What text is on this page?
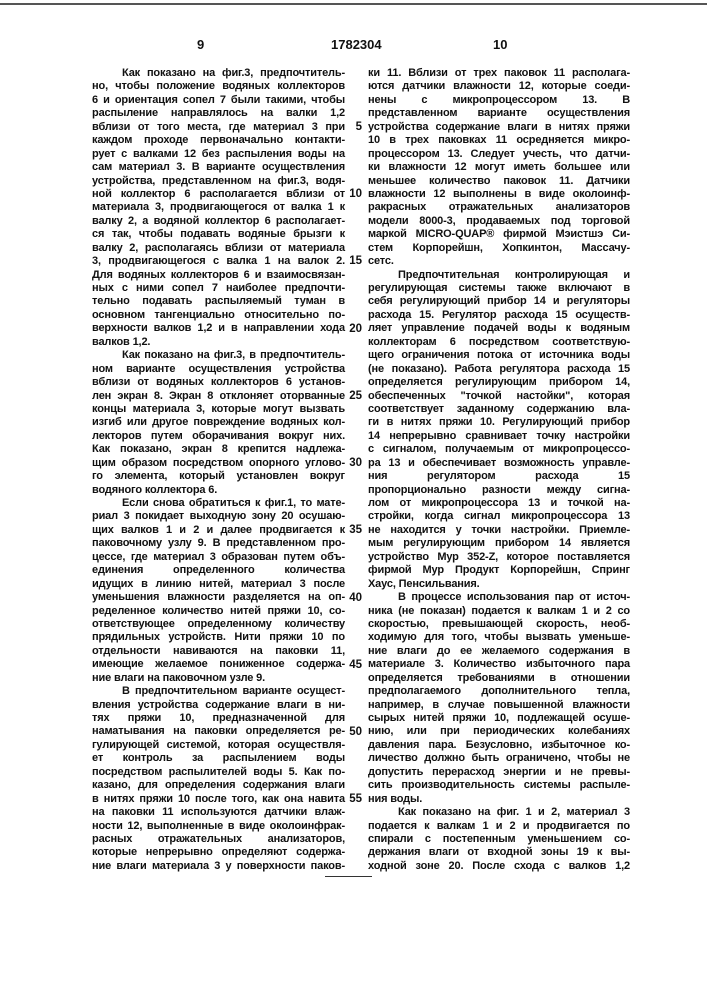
9	1782304	10
Как показано на фиг.3, предпочтитель-
но, чтобы положение водяных коллекторов
6 и ориентация сопел 7 были такими, чтобы
распыление направлялось на валки 1,2
вблизи от того места, где материал 3 при
каждом проходе первоначально контакти-
рует с валками 12 без распыления воды на
сам материал 3. В варианте осуществления
устройства, представленном на фиг.3, водя-
ной коллектор 6 располагается вблизи от
материала 3, продвигающегося от валка 1 к
валку 2, а водяной коллектор 6 располагает-
ся так, чтобы подавать водяные брызги к
валку 2, располагаясь вблизи от материала
3, продвигающегося с валка 1 на валок 2.
Для водяных коллекторов 6 и взаимосвязан-
ных с ними сопел 7 наиболее предпочти-
тельно подавать распыляемый туман в
основном тангенциально относительно по-
верхности валков 1,2 и в направлении хода
валков 1,2.
Как показано на фиг.3, в предпочтитель-
ном варианте осуществления устройства
вблизи от водяных коллекторов 6 установ-
лен экран 8. Экран 8 отклоняет оторванные
концы материала 3, которые могут вызвать
изгиб или другое повреждение водяных кол-
лекторов путем оборачивания вокруг них.
Как показано, экран 8 крепится надлежа-
щим образом посредством опорного углово-
го элемента, который установлен вокруг
водяного коллектора 6.
Если снова обратиться к фиг.1, то мате-
риал 3 покидает выходную зону 20 осушаю-
щих валков 1 и 2 и далее продвигается к
паковочному узлу 9. В представленном про-
цессе, где материал 3 образован путем объ-
единения определенного количества
идущих в линию нитей, материал 3 после
уменьшения влажности разделяется на оп-
ределенное количество нитей пряжи 10, со-
ответствующее определенному количеству
прядильных устройств. Нити пряжи 10 по
отдельности навиваются на паковки 11,
имеющие желаемое пониженное содержа-
ние влаги на паковочном узле 9.
В предпочтительном варианте осущест-
вления устройства содержание влаги в ни-
тях пряжи 10, предназначенной для
наматывания на паковки определяется ре-
гулирующей системой, которая осуществля-
ет контроль за распылением воды
посредством распылителей воды 5. Как по-
казано, для определения содержания влаги
в нитях пряжи 10 после того, как она навита
на паковки 11 используются датчики влаж-
ности 12, выполненные в виде околоинфрак-
расных отражательных анализаторов,
которые непрерывно определяют содержа-
ние влаги материала 3 у поверхности паков-
ки 11. Вблизи от трех паковок 11 располага-
ются датчики влажности 12, которые соеди-
нены с микропроцессором 13. В
представленном варианте осуществления
устройства содержание влаги в нитях пряжи
10 в трех паковках 11 осредняется микро-
процессором 13. Следует учесть, что датчи-
ки влажности 12 могут иметь большее или
меньшее количество паковок 11. Датчики
влажности 12 выполнены в виде околоинф-
ракрасных отражательных анализаторов
модели 8000-3, продаваемых под торговой
маркой MICRO-QUAP® фирмой Мэистшэ Си-
стем Корпорейшн, Хопкинтон, Массачу-
сетс.
Предпочтительная контролирующая и
регулирующая системы также включают в
себя регулирующий прибор 14 и регуляторы
расхода 15. Регулятор расхода 15 осуществ-
ляет управление подачей воды к водяным
коллекторам 6 посредством соответствую-
щего ограничения потока от источника воды
(не показано). Работа регулятора расхода 15
определяется регулирующим прибором 14,
обеспеченных "точкой настойки", которая
соответствует заданному содержанию вла-
ги в нитях пряжи 10. Регулирующий прибор
14 непрерывно сравнивает точку настройки
с сигналом, получаемым от микропроцессо-
ра 13 и обеспечивает возможность управле-
ния регулятором расхода 15
пропорционально разности между сигна-
лом от микропроцессора 13 и точкой на-
стройки, когда сигнал микропроцессора 13
не находится у точки настройки. Приемле-
мым регулирующим прибором 14 является
устройство Мур 352-Z, которое поставляется
фирмой Мур Продукт Корпорейшн, Спринг
Хаус, Пенсильвания.
В процессе использования пар от источ-
ника (не показан) подается к валкам 1 и 2 со
скоростью, превышающей скорость, необ-
ходимую для того, чтобы вызвать уменьше-
ние влаги до ее желаемого содержания в
материале 3. Количество избыточного пара
определяется требованиями в отношении
предполагаемого дополнительного тепла,
например, в случае повышенной влажности
сырых нитей пряжи 10, подлежащей осуше-
нию, или при периодических колебаниях
давления пара. Безусловно, избыточное ко-
личество должно быть ограничено, чтобы не
допустить перерасход энергии и не превы-
сить производительность системы распыле-
ния воды.
Как показано на фиг. 1 и 2, материал 3
подается к валкам 1 и 2 и продвигается по
спирали с постепенным уменьшением со-
держания влаги от входной зоны 19 к вы-
ходной зоне 20. После схода с валков 1,2
5
10
15
20
25
30
35
40
45
50
55
